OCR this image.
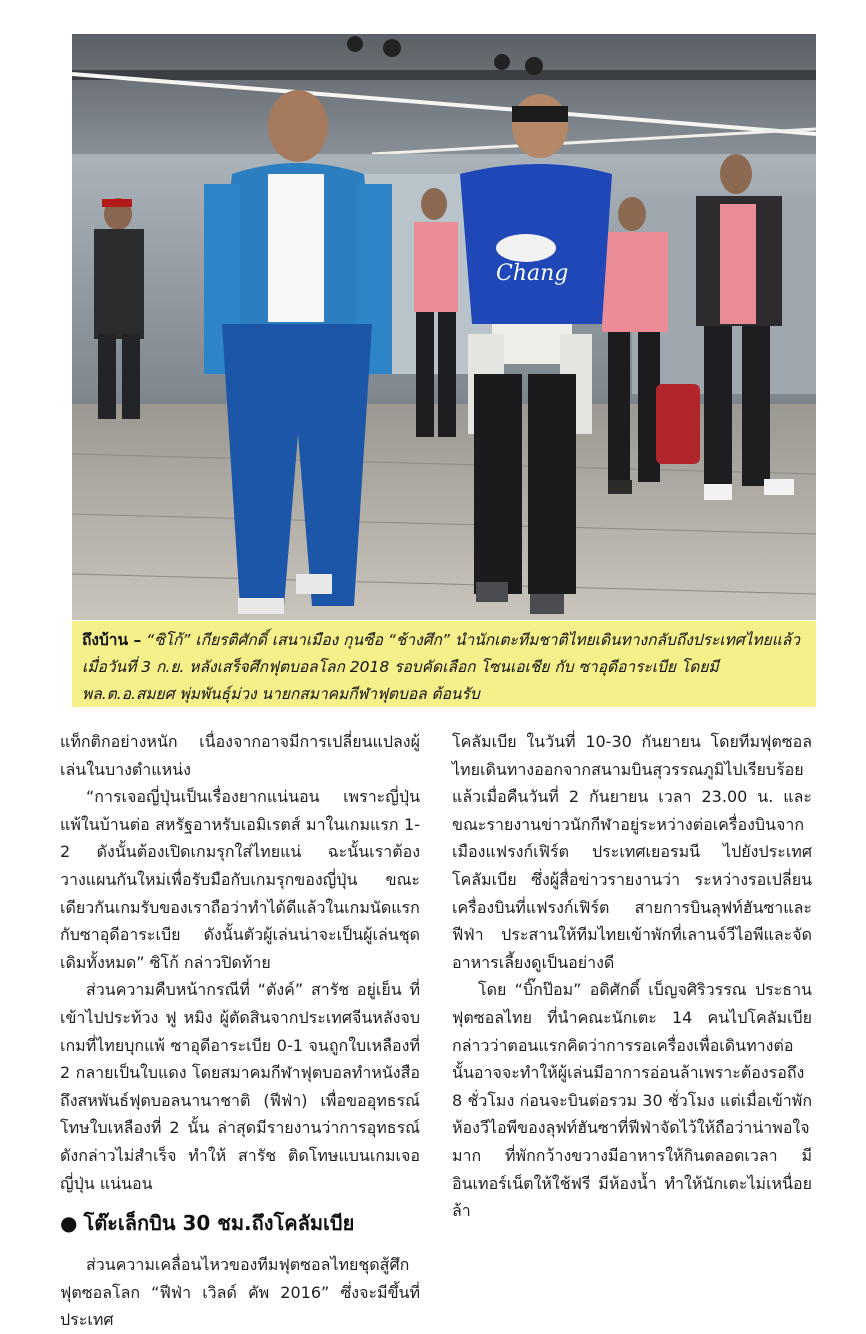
Chang
ถึงบ้าน – “ซิโก้” เกียรติศักดิ์ เสนาเมือง กุนซือ “ช้างศึก” นำนักเตะทีมชาติไทยเดินทางกลับถึงประเทศไทยแล้วเมื่อวันที่ 3 ก.ย. หลังเสร็จศึกฟุตบอลโลก 2018 รอบคัดเลือก โซนเอเชีย กับ ซาอุดีอาระเบีย โดยมี พล.ต.อ.สมยศ พุ่มพันธุ์ม่วง นายกสมาคมกีฬาฟุตบอล ต้อนรับ

แท็กติกอย่างหนัก เนื่องจากอาจมีการเปลี่ยนแปลงผู้เล่นในบางตำแหน่ง

“การเจอญี่ปุ่นเป็นเรื่องยากแน่นอน เพราะญี่ปุ่นแพ้ในบ้านต่อ สหรัฐอาหรับเอมิเรตส์ มาในเกมแรก 1-2 ดังนั้นต้องเปิดเกมรุกใส่ไทยแน่ ฉะนั้นเราต้องวางแผนกันใหม่เพื่อรับมือกับเกมรุกของญี่ปุ่น ขณะเดียวกันเกมรับของเราถือว่าทำได้ดีแล้วในเกมนัดแรกกับซาอุดีอาระเบีย ดังนั้นตัวผู้เล่นน่าจะเป็นผู้เล่นชุดเดิมทั้งหมด” ซิโก้ กล่าวปิดท้าย

ส่วนความคืบหน้ากรณีที่ “ตังค์” สารัช อยู่เย็น ที่เข้าไปประท้วง ฟู หมิง ผู้ตัดสินจากประเทศจีนหลังจบเกมที่ไทยบุกแพ้ ซาอุดีอาระเบีย 0-1 จนถูกใบเหลืองที่ 2 กลายเป็นใบแดง โดยสมาคมกีฬาฟุตบอลทำหนังสือถึงสหพันธ์ฟุตบอลนานาชาติ (ฟีฟ่า) เพื่อขออุทธรณ์โทษใบเหลืองที่ 2 นั้น ล่าสุดมีรายงานว่าการอุทธรณ์ดังกล่าวไม่สำเร็จ ทำให้ สารัช ติดโทษแบนเกมเจอญี่ปุ่น แน่นอน

● โต๊ะเล็กบิน 30 ชม.ถึงโคลัมเบีย

ส่วนความเคลื่อนไหวของทีมฟุตซอลไทยชุดสู้ศึกฟุตซอลโลก “ฟีฟ่า เวิลด์ คัพ 2016” ซึ่งจะมีขึ้นที่ประเทศ

โคลัมเบีย ในวันที่ 10-30 กันยายน โดยทีมฟุตซอลไทยเดินทางออกจากสนามบินสุวรรณภูมิไปเรียบร้อยแล้วเมื่อคืนวันที่ 2 กันยายน เวลา 23.00 น. และขณะรายงานข่าวนักกีฬาอยู่ระหว่างต่อเครื่องบินจากเมืองแฟรงก์เฟิร์ต ประเทศเยอรมนี ไปยังประเทศโคลัมเบีย ซึ่งผู้สื่อข่าวรายงานว่า ระหว่างรอเปลี่ยนเครื่องบินที่แฟรงก์เฟิร์ต สายการบินลุฟท์ฮันซาและฟีฟ่า ประสานให้ทีมไทยเข้าพักที่เลานจ์วีไอพีและจัดอาหารเลี้ยงดูเป็นอย่างดี

โดย “บิ๊กป๊อม” อดิศักดิ์ เบ็ญจศิริวรรณ ประธานฟุตซอลไทย ที่นำคณะนักเตะ 14 คนไปโคลัมเบีย กล่าวว่าตอนแรกคิดว่าการรอเครื่องเพื่อเดินทางต่อนั้นอาจจะทำให้ผู้เล่นมีอาการอ่อนล้าเพราะต้องรอถึง 8 ชั่วโมง ก่อนจะบินต่อรวม 30 ชั่วโมง แต่เมื่อเข้าพักห้องวีไอพีของลุฟท์ฮันซาที่ฟีฟ่าจัดไว้ให้ถือว่าน่าพอใจมาก ที่พักกว้างขวางมีอาหารให้กินตลอดเวลา มีอินเทอร์เน็ตให้ใช้ฟรี มีห้องน้ำ ทำให้นักเตะไม่เหนื่อยล้า
